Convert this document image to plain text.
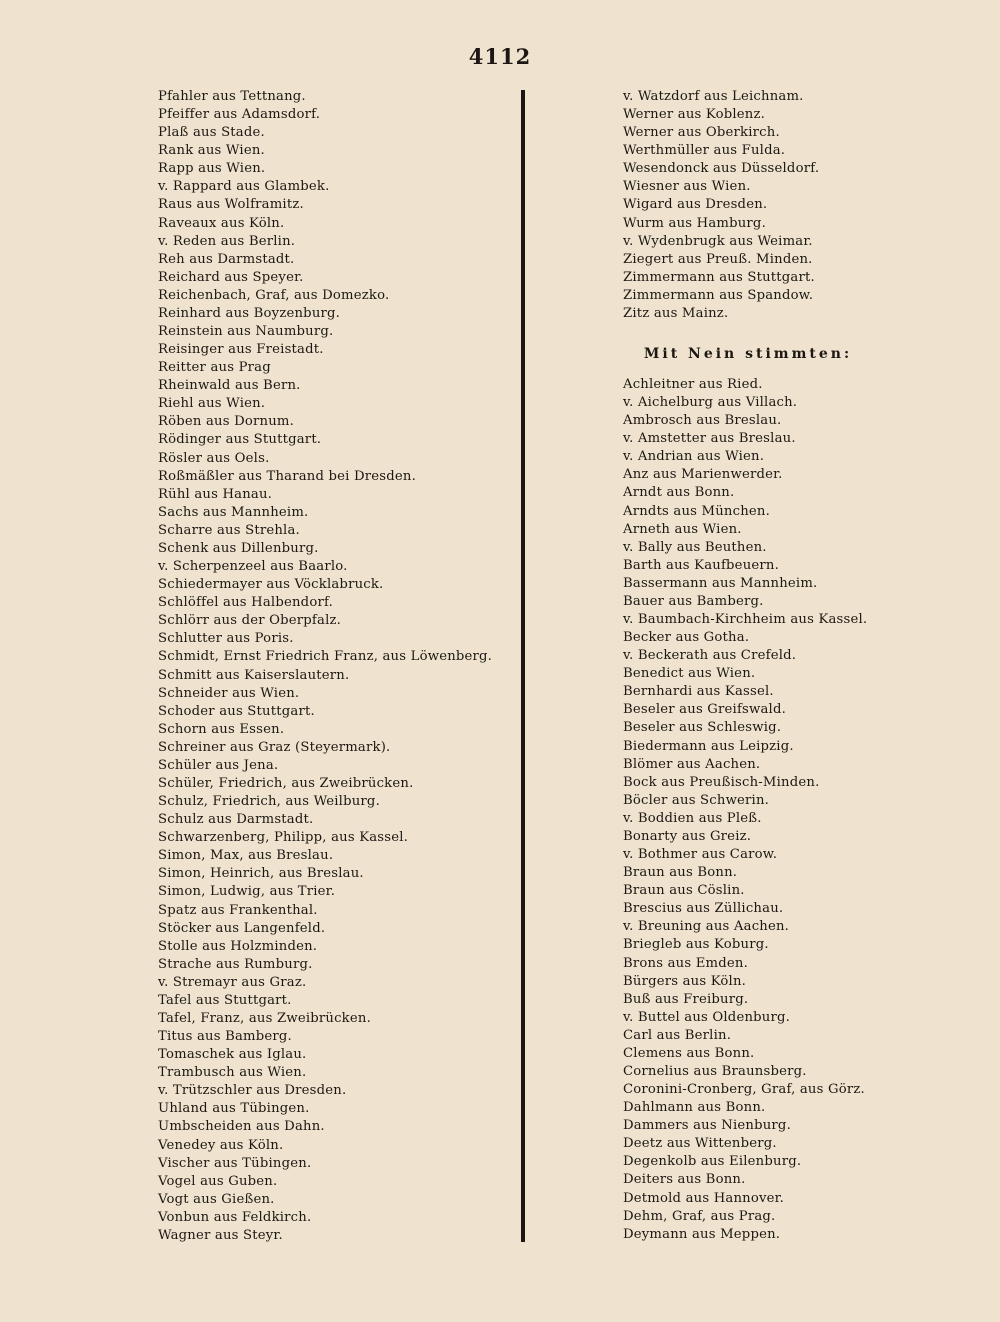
4112
Pfahler aus Tettnang.
Pfeiffer aus Adamsdorf.
Plaß aus Stade.
Rank aus Wien.
Rapp aus Wien.
v. Rappard aus Glambek.
Raus aus Wolframitz.
Raveaux aus Köln.
v. Reden aus Berlin.
Reh aus Darmstadt.
Reichard aus Speyer.
Reichenbach, Graf, aus Domezko.
Reinhard aus Boyzenburg.
Reinstein aus Naumburg.
Reisinger aus Freistadt.
Reitter aus Prag
Rheinwald aus Bern.
Riehl aus Wien.
Röben aus Dornum.
Rödinger aus Stuttgart.
Rösler aus Oels.
Roßmäßler aus Tharand bei Dresden.
Rühl aus Hanau.
Sachs aus Mannheim.
Scharre aus Strehla.
Schenk aus Dillenburg.
v. Scherpenzeel aus Baarlo.
Schiedermayer aus Vöcklabruck.
Schlöffel aus Halbendorf.
Schlörr aus der Oberpfalz.
Schlutter aus Poris.
Schmidt, Ernst Friedrich Franz, aus Löwenberg.
Schmitt aus Kaiserslautern.
Schneider aus Wien.
Schoder aus Stuttgart.
Schorn aus Essen.
Schreiner aus Graz (Steyermark).
Schüler aus Jena.
Schüler, Friedrich, aus Zweibrücken.
Schulz, Friedrich, aus Weilburg.
Schulz aus Darmstadt.
Schwarzenberg, Philipp, aus Kassel.
Simon, Max, aus Breslau.
Simon, Heinrich, aus Breslau.
Simon, Ludwig, aus Trier.
Spatz aus Frankenthal.
Stöcker aus Langenfeld.
Stolle aus Holzminden.
Strache aus Rumburg.
v. Stremayr aus Graz.
Tafel aus Stuttgart.
Tafel, Franz, aus Zweibrücken.
Titus aus Bamberg.
Tomaschek aus Iglau.
Trambusch aus Wien.
v. Trützschler aus Dresden.
Uhland aus Tübingen.
Umbscheiden aus Dahn.
Venedey aus Köln.
Vischer aus Tübingen.
Vogel aus Guben.
Vogt aus Gießen.
Vonbun aus Feldkirch.
Wagner aus Steyr.
v. Watzdorf aus Leichnam.
Werner aus Koblenz.
Werner aus Oberkirch.
Werthmüller aus Fulda.
Wesendonck aus Düsseldorf.
Wiesner aus Wien.
Wigard aus Dresden.
Wurm aus Hamburg.
v. Wydenbrugk aus Weimar.
Ziegert aus Preuß. Minden.
Zimmermann aus Stuttgart.
Zimmermann aus Spandow.
Zitz aus Mainz.
Mit Nein stimmten:
Achleitner aus Ried.
v. Aichelburg aus Villach.
Ambrosch aus Breslau.
v. Amstetter aus Breslau.
v. Andrian aus Wien.
Anz aus Marienwerder.
Arndt aus Bonn.
Arndts aus München.
Arneth aus Wien.
v. Bally aus Beuthen.
Barth aus Kaufbeuern.
Bassermann aus Mannheim.
Bauer aus Bamberg.
v. Baumbach-Kirchheim aus Kassel.
Becker aus Gotha.
v. Beckerath aus Crefeld.
Benedict aus Wien.
Bernhardi aus Kassel.
Beseler aus Greifswald.
Beseler aus Schleswig.
Biedermann aus Leipzig.
Blömer aus Aachen.
Bock aus Preußisch-Minden.
Böcler aus Schwerin.
v. Boddien aus Pleß.
Bonarty aus Greiz.
v. Bothmer aus Carow.
Braun aus Bonn.
Braun aus Cöslin.
Brescius aus Züllichau.
v. Breuning aus Aachen.
Briegleb aus Koburg.
Brons aus Emden.
Bürgers aus Köln.
Buß aus Freiburg.
v. Buttel aus Oldenburg.
Carl aus Berlin.
Clemens aus Bonn.
Cornelius aus Braunsberg.
Coronini-Cronberg, Graf, aus Görz.
Dahlmann aus Bonn.
Dammers aus Nienburg.
Deetz aus Wittenberg.
Degenkolb aus Eilenburg.
Deiters aus Bonn.
Detmold aus Hannover.
Dehm, Graf, aus Prag.
Deymann aus Meppen.
